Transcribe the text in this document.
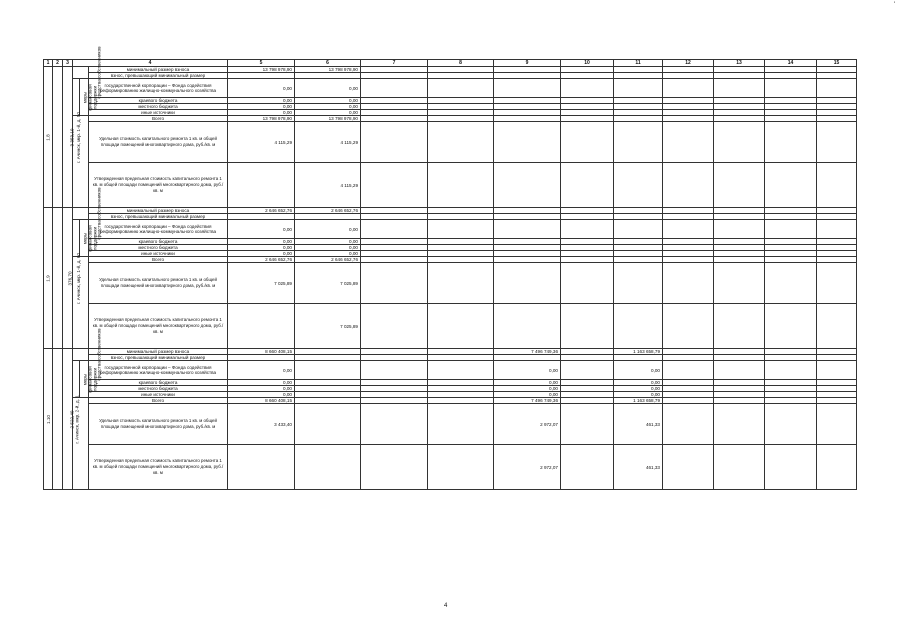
1	2	3	4			5	6	7	8	9	10	11	12	13	14	15
1.8	г. Ачинск, мкр. 1-й, д. 50	3 353,10	средства собственников		минимальный размер взноса	13 798 978,90	13 798 978,90									
					взнос, превышающий минимальный размер											
			меры финансовой поддержки		государственной корпорации – Фонда содействия реформированию жилищно-коммунального хозяйства	0,00	0,00									
					краевого бюджета	0,00	0,00									
					местного бюджета	0,00	0,00									
					иные источники	0,00	0,00									
					Всего	13 798 978,90	13 798 978,90									
					Удельная стоимость капитального ремонта 1 кв. м общей площади помещений многоквартирного дома, руб./кв. м	4 115,29	4 115,29									
					Утвержденная предельная стоимость капитального ремонта 1 кв. м общей площади помещений многоквартирного дома, руб./кв. м		4 115,29									
1.9	г. Ачинск, мкр. 1-й, д. 60	376,70	средства собственников		минимальный размер взноса	2 646 652,76	2 646 652,76									
					взнос, превышающий минимальный размер											
			меры финансовой поддержки		государственной корпорации – Фонда содействия реформированию жилищно-коммунального хозяйства	0,00	0,00									
					краевого бюджета	0,00	0,00									
					местного бюджета	0,00	0,00									
					иные источники	0,00	0,00									
					Всего	2 646 652,76	2 646 652,76									
					Удельная стоимость капитального ремонта 1 кв. м общей площади помещений многоквартирного дома, руб./кв. м	7 025,89	7 025,89									
					Утвержденная предельная стоимость капитального ремонта 1 кв. м общей площади помещений многоквартирного дома, руб./кв. м		7 025,89									
1.10	г. Ачинск, мкр. 2-й, д. 1	2 522,40	средства собственников		минимальный размер взноса	8 660 408,15				7 496 749,36		1 163 658,79				
					взнос, превышающий минимальный размер											
			меры финансовой поддержки		государственной корпорации – Фонда содействия реформированию жилищно-коммунального хозяйства	0,00				0,00		0,00				
					краевого бюджета	0,00				0,00		0,00				
					местного бюджета	0,00				0,00		0,00				
					иные источники	0,00				0,00		0,00				
					Всего	8 660 408,15				7 496 749,36		1 163 658,79				
					Удельная стоимость капитального ремонта 1 кв. м общей площади помещений многоквартирного дома, руб./кв. м	3 433,40				2 972,07		461,33				
					Утвержденная предельная стоимость капитального ремонта 1 кв. м общей площади помещений многоквартирного дома, руб./кв. м					2 972,07		461,33				
4
'
